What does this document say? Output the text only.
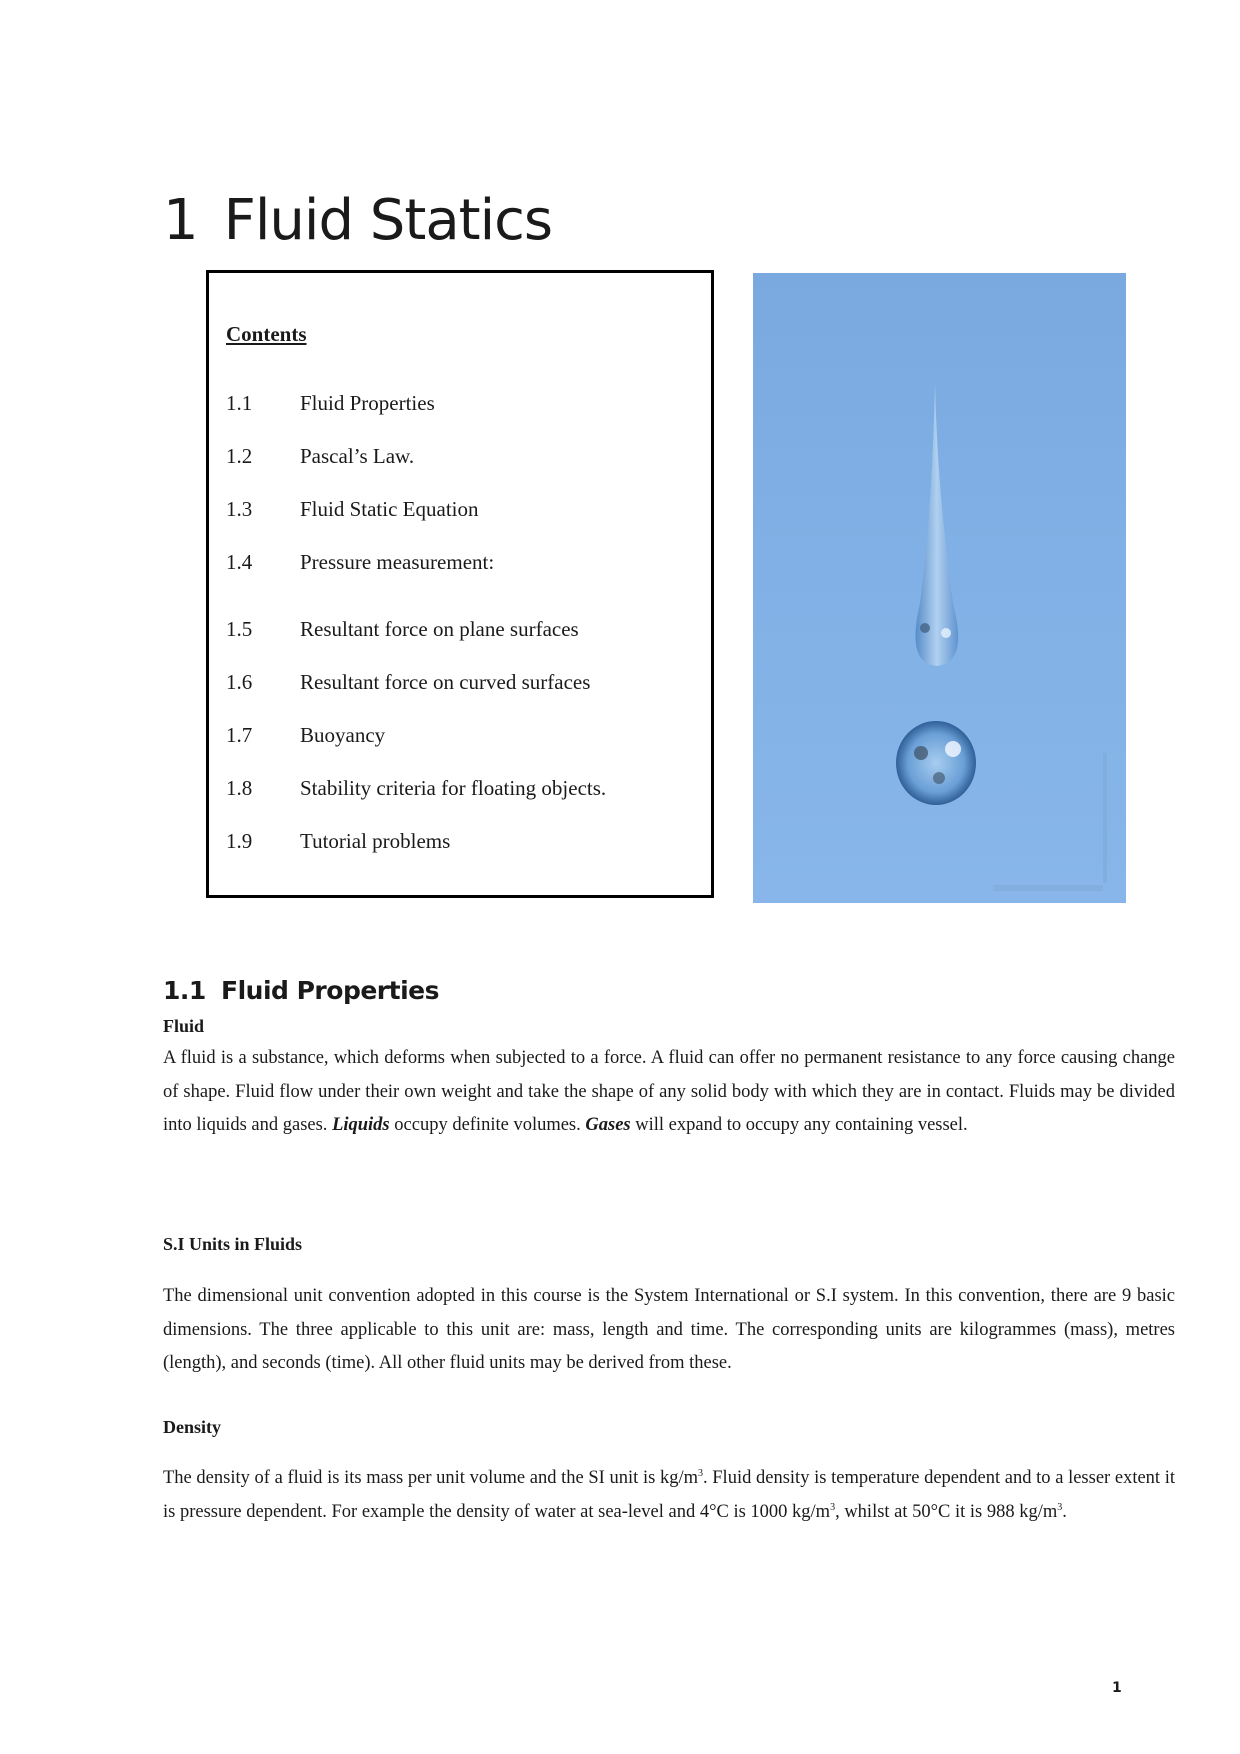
1 Fluid Statics
Contents
1.1 Fluid Properties
1.2 Pascal’s Law.
1.3 Fluid Static Equation
1.4 Pressure measurement:
1.5 Resultant force on plane surfaces
1.6 Resultant force on curved surfaces
1.7 Buoyancy
1.8 Stability criteria for floating objects.
1.9 Tutorial problems
1.1 Fluid Properties
Fluid

A fluid is a substance, which deforms when subjected to a force. A fluid can offer no permanent resistance to any force causing change of shape. Fluid flow under their own weight and take the shape of any solid body with which they are in contact. Fluids may be divided into liquids and gases. Liquids occupy definite volumes. Gases will expand to occupy any containing vessel.

S.I Units in Fluids

The dimensional unit convention adopted in this course is the System International or S.I system. In this convention, there are 9 basic dimensions. The three applicable to this unit are: mass, length and time. The corresponding units are kilogrammes (mass), metres (length), and seconds (time). All other fluid units may be derived from these.

Density

The density of a fluid is its mass per unit volume and the SI unit is $kg/m^3$. Fluid density is temperature dependent and to a lesser extent it is pressure dependent. For example the density of water at sea-level and 4°C is 1000 $kg/m^3$, whilst at 50°C it is 988 $kg/m^3$.

1
